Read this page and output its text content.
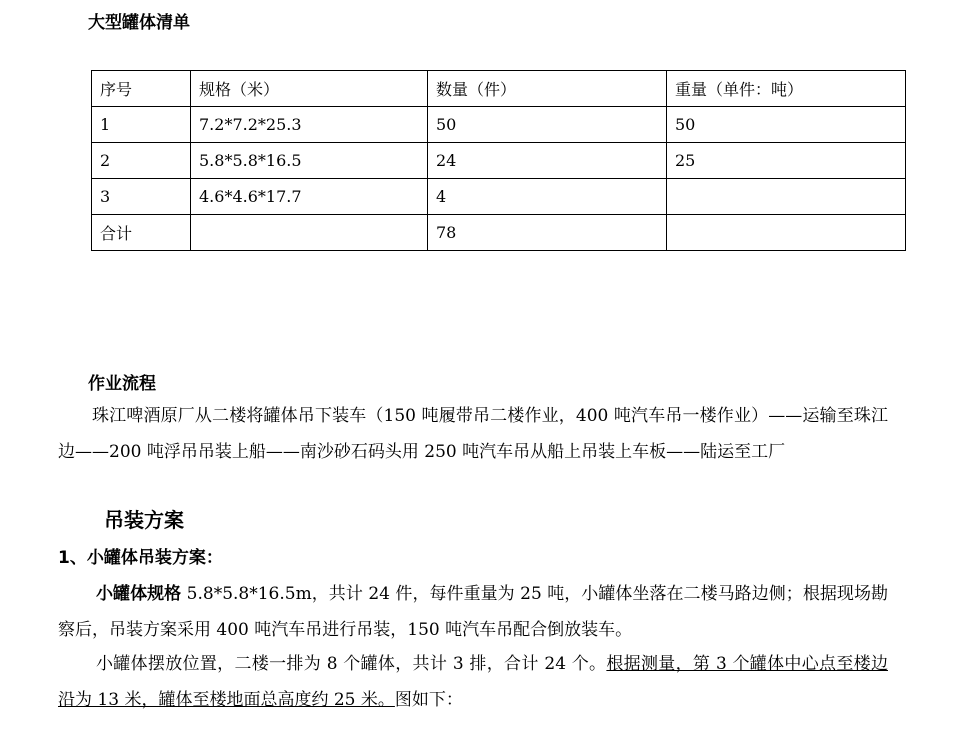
大型罐体清单
序号	规格（米）	数量（件）	重量（单件：吨）
1	7.2*7.2*25.3	50	50
2	5.8*5.8*16.5	24	25
3	4.6*4.6*17.7	4	
合计		78	
作业流程
珠江啤酒原厂从二楼将罐体吊下装车（150 吨履带吊二楼作业，400 吨汽车吊一楼作业）——运输至珠江边——200 吨浮吊吊装上船——南沙砂石码头用 250 吨汽车吊从船上吊装上车板——陆运至工厂
吊装方案
1、小罐体吊装方案：
小罐体规格 5.8*5.8*16.5m，共计 24 件，每件重量为 25 吨，小罐体坐落在二楼马路边侧；根据现场勘察后，吊装方案采用 400 吨汽车吊进行吊装，150 吨汽车吊配合倒放装车。
小罐体摆放位置，二楼一排为 8 个罐体，共计 3 排，合计 24 个。根据测量，第 3 个罐体中心点至楼边沿为 13 米，罐体至楼地面总高度约 25 米。图如下：
